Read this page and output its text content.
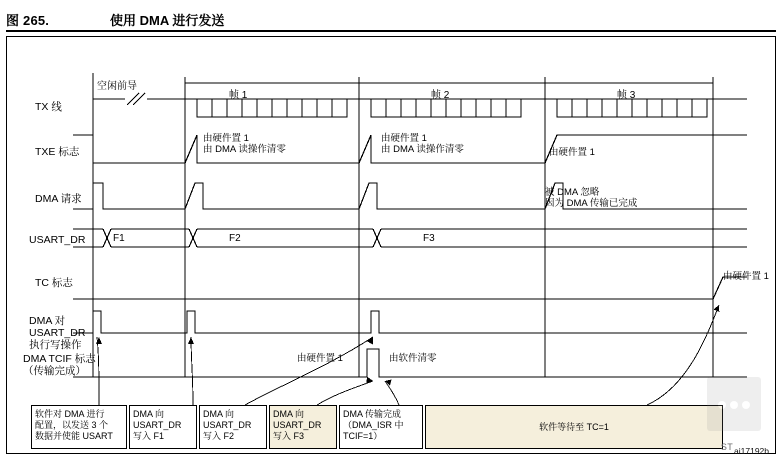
图 265.	使用 DMA 进行发送
TX 线
TXE 标志
DMA 请求
USART_DR
TC 标志
DMA 对
USART_DR
执行写操作
DMA TCIF 标志
（传输完成）
空闲前导
帧 1	帧 2	帧 3
F1	F2	F3
由硬件置 1
由 DMA 读操作清零
由硬件置 1
由 DMA 读操作清零	由硬件置 1
被 DMA 忽略
因为 DMA 传输已完成
由硬件置 1
由硬件置 1	由软件清零
软件对 DMA 进行
配置，以发送 3 个
数据并使能 USART
DMA 向
USART_DR
写入 F1
DMA 向
USART_DR
写入 F2
DMA 向
USART_DR
写入 F3
DMA 传输完成
（DMA_ISR 中
TCIF=1）
软件等待至 TC=1
ST ai17192b
